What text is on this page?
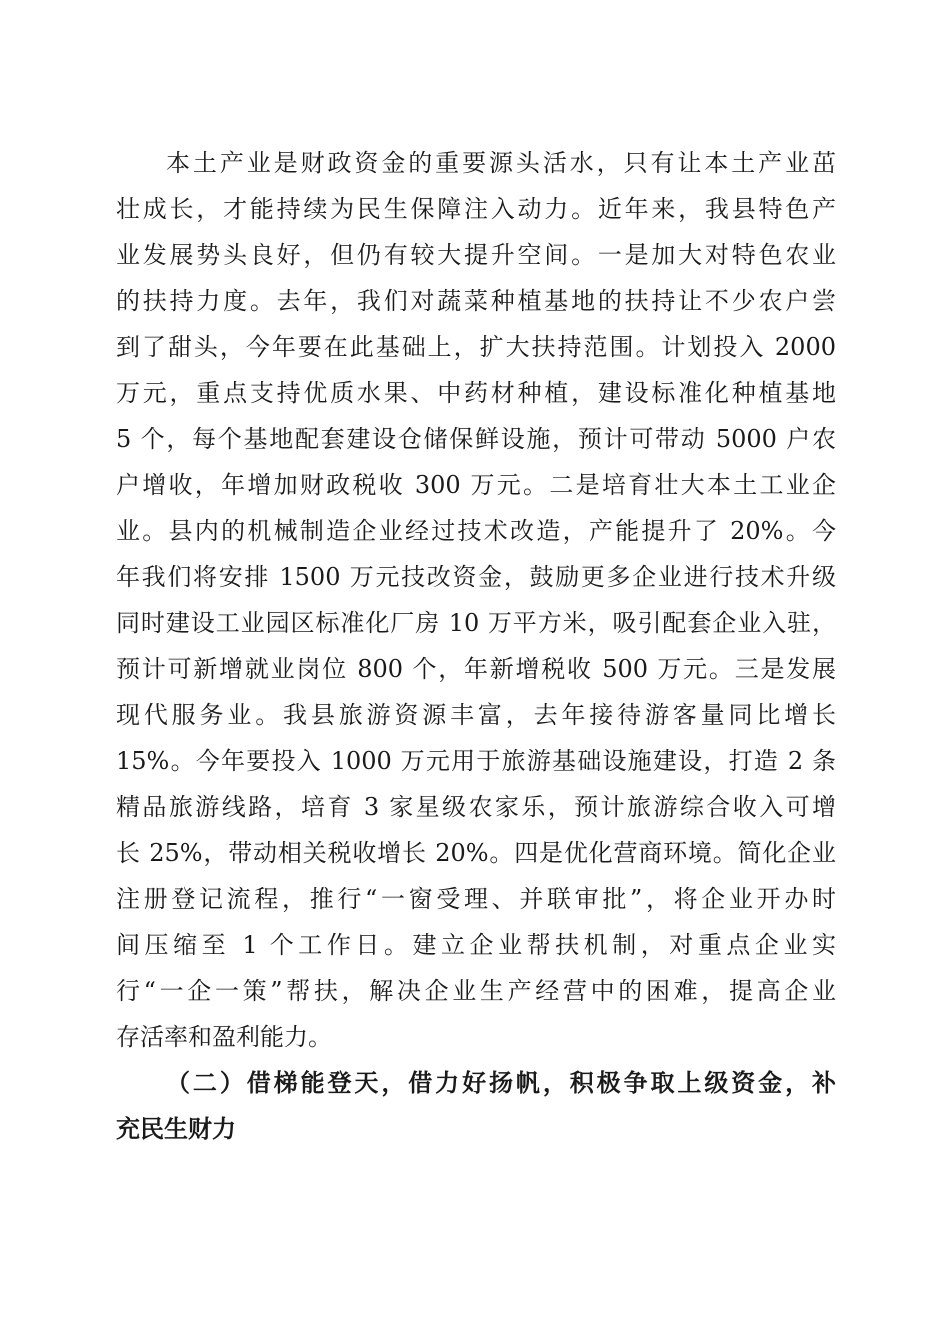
本土产业是财政资金的重要源头活水，只有让本土产业茁
壮成长，才能持续为民生保障注入动力。近年来，我县特色产
业发展势头良好，但仍有较大提升空间。一是加大对特色农业
的扶持力度。去年，我们对蔬菜种植基地的扶持让不少农户尝
到了甜头，今年要在此基础上，扩大扶持范围。计划投入 2000
万元，重点支持优质水果、中药材种植，建设标准化种植基地
5 个，每个基地配套建设仓储保鲜设施，预计可带动 5000 户农
户增收，年增加财政税收 300 万元。二是培育壮大本土工业企
业。县内的机械制造企业经过技术改造，产能提升了 20%。今
年我们将安排 1500 万元技改资金，鼓励更多企业进行技术升级
同时建设工业园区标准化厂房 10 万平方米，吸引配套企业入驻，
预计可新增就业岗位 800 个，年新增税收 500 万元。三是发展
现代服务业。我县旅游资源丰富，去年接待游客量同比增长
15%。今年要投入 1000 万元用于旅游基础设施建设，打造 2 条
精品旅游线路，培育 3 家星级农家乐，预计旅游综合收入可增
长 25%，带动相关税收增长 20%。四是优化营商环境。简化企业
注册登记流程，推行“一窗受理、并联审批”，将企业开办时
间压缩至 1 个工作日。建立企业帮扶机制，对重点企业实
行“一企一策”帮扶，解决企业生产经营中的困难，提高企业
存活率和盈利能力。
（二）借梯能登天，借力好扬帆，积极争取上级资金，补
充民生财力
